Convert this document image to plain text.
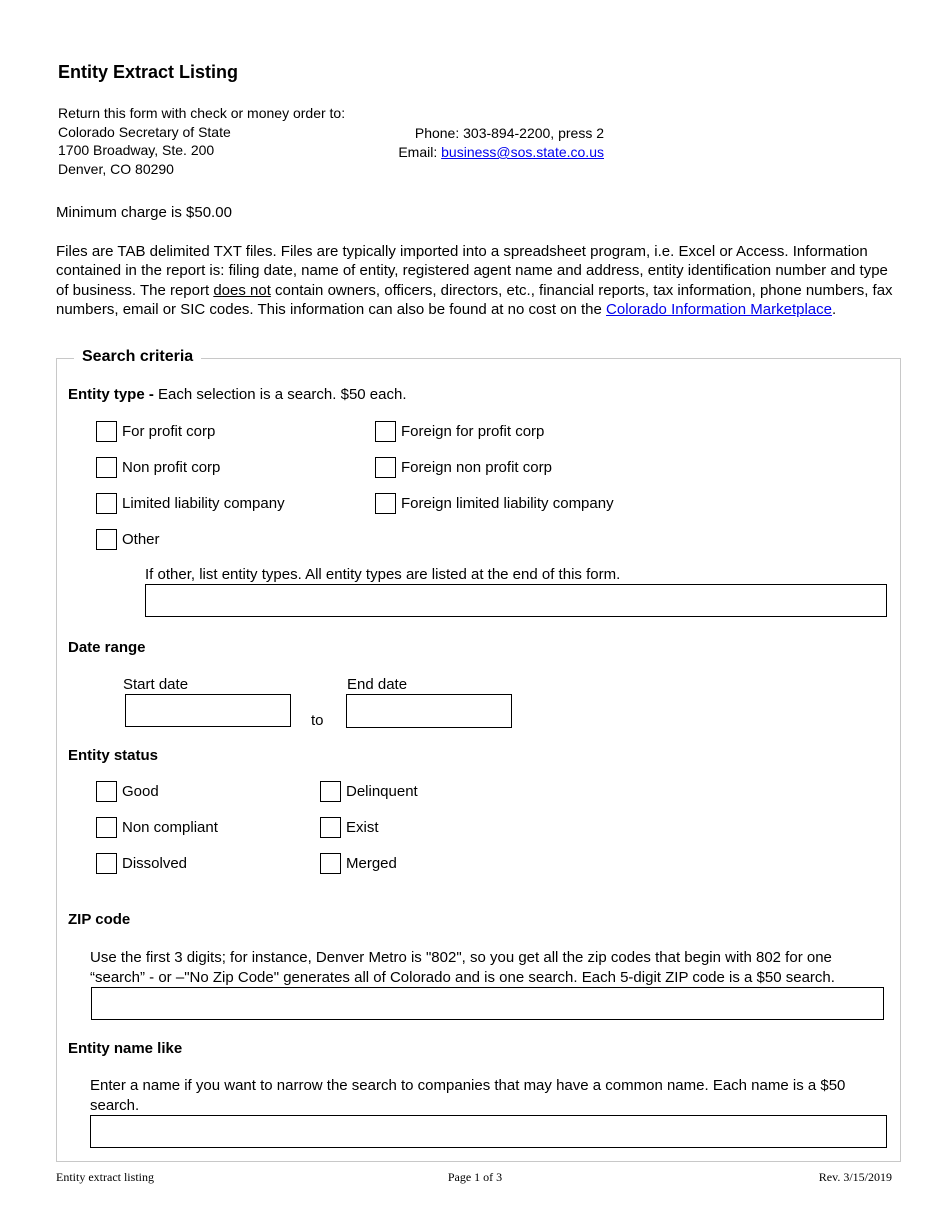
Entity Extract Listing
Return this form with check or money order to:
Colorado Secretary of State
1700 Broadway, Ste. 200
Denver, CO 80290
Phone: 303-894-2200, press 2
Email: business@sos.state.co.us
Minimum charge is $50.00
Files are TAB delimited TXT files. Files are typically imported into a spreadsheet program, i.e. Excel or Access. Information contained in the report is: filing date, name of entity, registered agent name and address, entity identification number and type of business. The report does not contain owners, officers, directors, etc., financial reports, tax information, phone numbers, fax numbers, email or SIC codes. This information can also be found at no cost on the Colorado Information Marketplace.
Search criteria
Entity type - Each selection is a search. $50 each.
For profit corp	Foreign for profit corp
Non profit corp	Foreign non profit corp
Limited liability company	Foreign limited liability company
Other
If other, list entity types. All entity types are listed at the end of this form.
Date range
Start date	End date
to
Entity status
Good	Delinquent
Non compliant	Exist
Dissolved	Merged
ZIP code
Use the first 3 digits; for instance, Denver Metro is "802", so you get all the zip codes that begin with 802 for one “search” - or –"No Zip Code" generates all of Colorado and is one search. Each 5-digit ZIP code is a $50 search.
Entity name like
Enter a name if you want to narrow the search to companies that may have a common name. Each name is a $50 search.
Entity extract listing	Page 1 of 3	Rev. 3/15/2019
